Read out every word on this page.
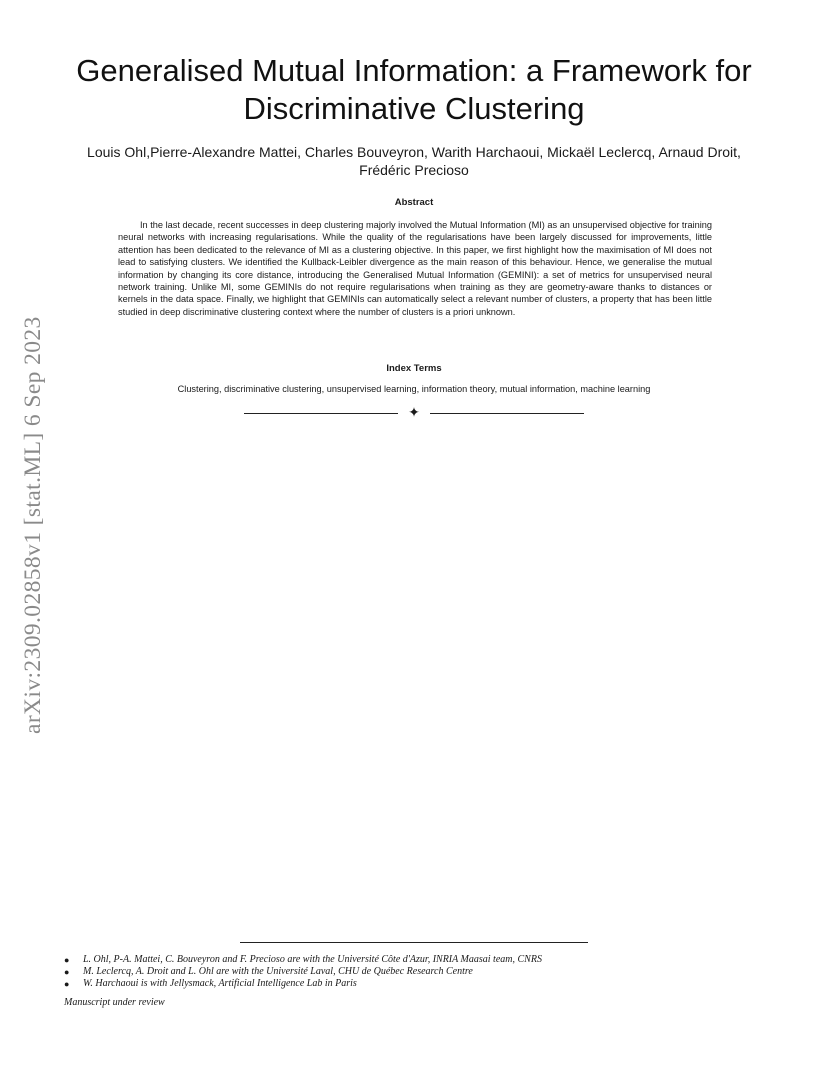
arXiv:2309.02858v1 [stat.ML] 6 Sep 2023
Generalised Mutual Information: a Framework for Discriminative Clustering
Louis Ohl,Pierre-Alexandre Mattei, Charles Bouveyron, Warith Harchaoui, Mickaël Leclercq, Arnaud Droit, Frédéric Precioso
Abstract

In the last decade, recent successes in deep clustering majorly involved the Mutual Information (MI) as an unsupervised objective for training neural networks with increasing regularisations. While the quality of the regularisations have been largely discussed for improvements, little attention has been dedicated to the relevance of MI as a clustering objective. In this paper, we first highlight how the maximisation of MI does not lead to satisfying clusters. We identified the Kullback-Leibler divergence as the main reason of this behaviour. Hence, we generalise the mutual information by changing its core distance, introducing the Generalised Mutual Information (GEMINI): a set of metrics for unsupervised neural network training. Unlike MI, some GEMINIs do not require regularisations when training as they are geometry-aware thanks to distances or kernels in the data space. Finally, we highlight that GEMINIs can automatically select a relevant number of clusters, a property that has been little studied in deep discriminative clustering context where the number of clusters is a priori unknown.

Index Terms
Clustering, discriminative clustering, unsupervised learning, information theory, mutual information, machine learning
✦
● L. Ohl, P-A. Mattei, C. Bouveyron and F. Precioso are with the Université Côte d'Azur, INRIA Maasai team, CNRS
● M. Leclercq, A. Droit and L. Ohl are with the Université Laval, CHU de Québec Research Centre
● W. Harchaoui is with Jellysmack, Artificial Intelligence Lab in Paris
Manuscript under review
